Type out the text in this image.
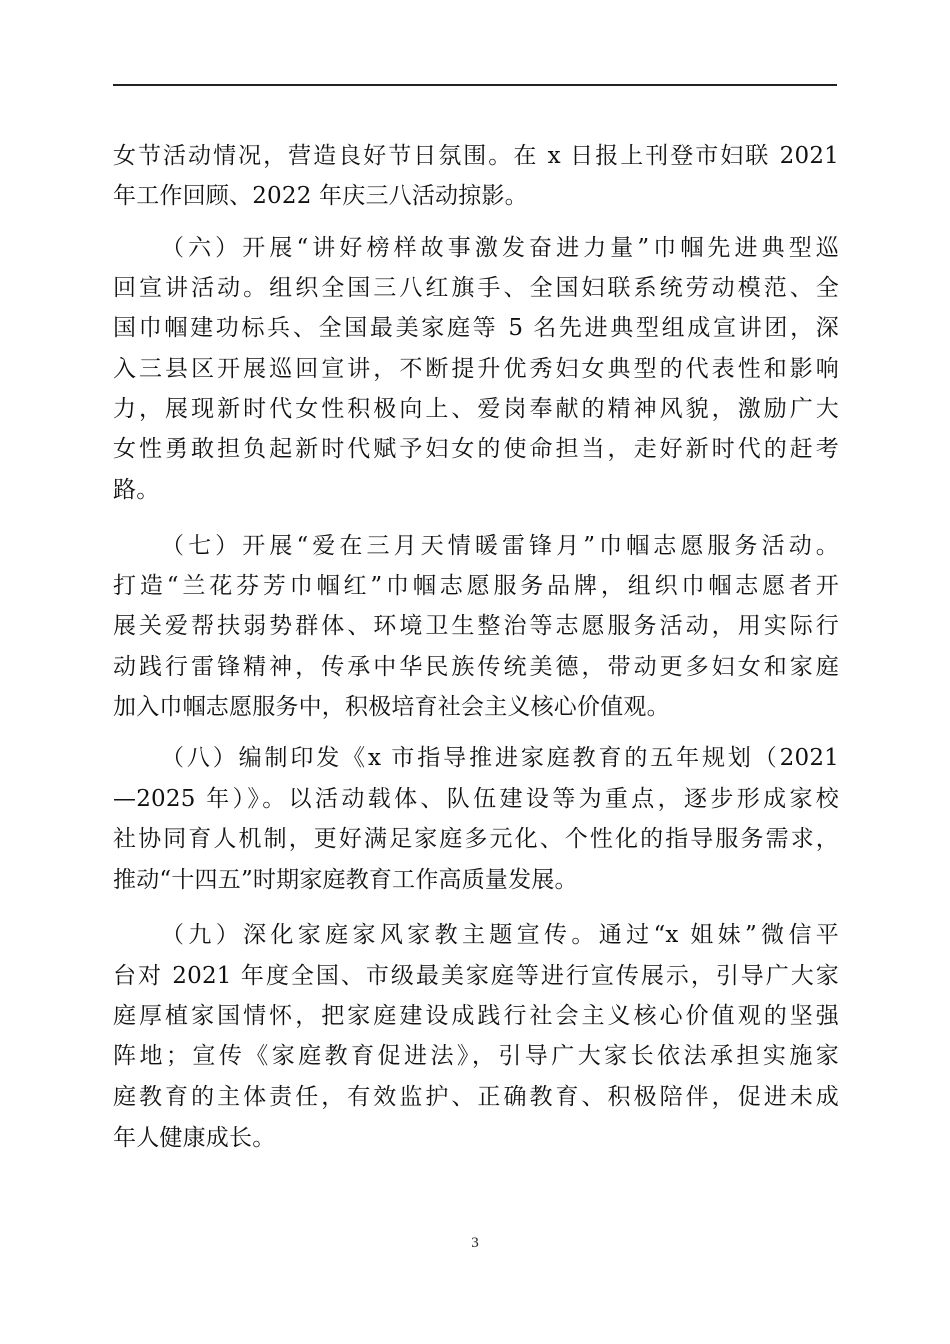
女节活动情况，营造良好节日氛围。在 x 日报上刊登市妇联 2021
年工作回顾、2022 年庆三八活动掠影。
（六）开展“讲好榜样故事激发奋进力量”巾帼先进典型巡
回宣讲活动。组织全国三八红旗手、全国妇联系统劳动模范、全
国巾帼建功标兵、全国最美家庭等 5 名先进典型组成宣讲团，深
入三县区开展巡回宣讲，不断提升优秀妇女典型的代表性和影响
力，展现新时代女性积极向上、爱岗奉献的精神风貌，激励广大
女性勇敢担负起新时代赋予妇女的使命担当，走好新时代的赶考
路。
（七）开展“爱在三月天情暖雷锋月”巾帼志愿服务活动。
打造“兰花芬芳巾帼红”巾帼志愿服务品牌，组织巾帼志愿者开
展关爱帮扶弱势群体、环境卫生整治等志愿服务活动，用实际行
动践行雷锋精神，传承中华民族传统美德，带动更多妇女和家庭
加入巾帼志愿服务中，积极培育社会主义核心价值观。
（八）编制印发《x 市指导推进家庭教育的五年规划（2021
—2025 年）》。以活动载体、队伍建设等为重点，逐步形成家校
社协同育人机制，更好满足家庭多元化、个性化的指导服务需求，
推动“十四五”时期家庭教育工作高质量发展。
（九）深化家庭家风家教主题宣传。通过“x 姐妹”微信平
台对 2021 年度全国、市级最美家庭等进行宣传展示，引导广大家
庭厚植家国情怀，把家庭建设成践行社会主义核心价值观的坚强
阵地；宣传《家庭教育促进法》，引导广大家长依法承担实施家
庭教育的主体责任，有效监护、正确教育、积极陪伴，促进未成
年人健康成长。
3
